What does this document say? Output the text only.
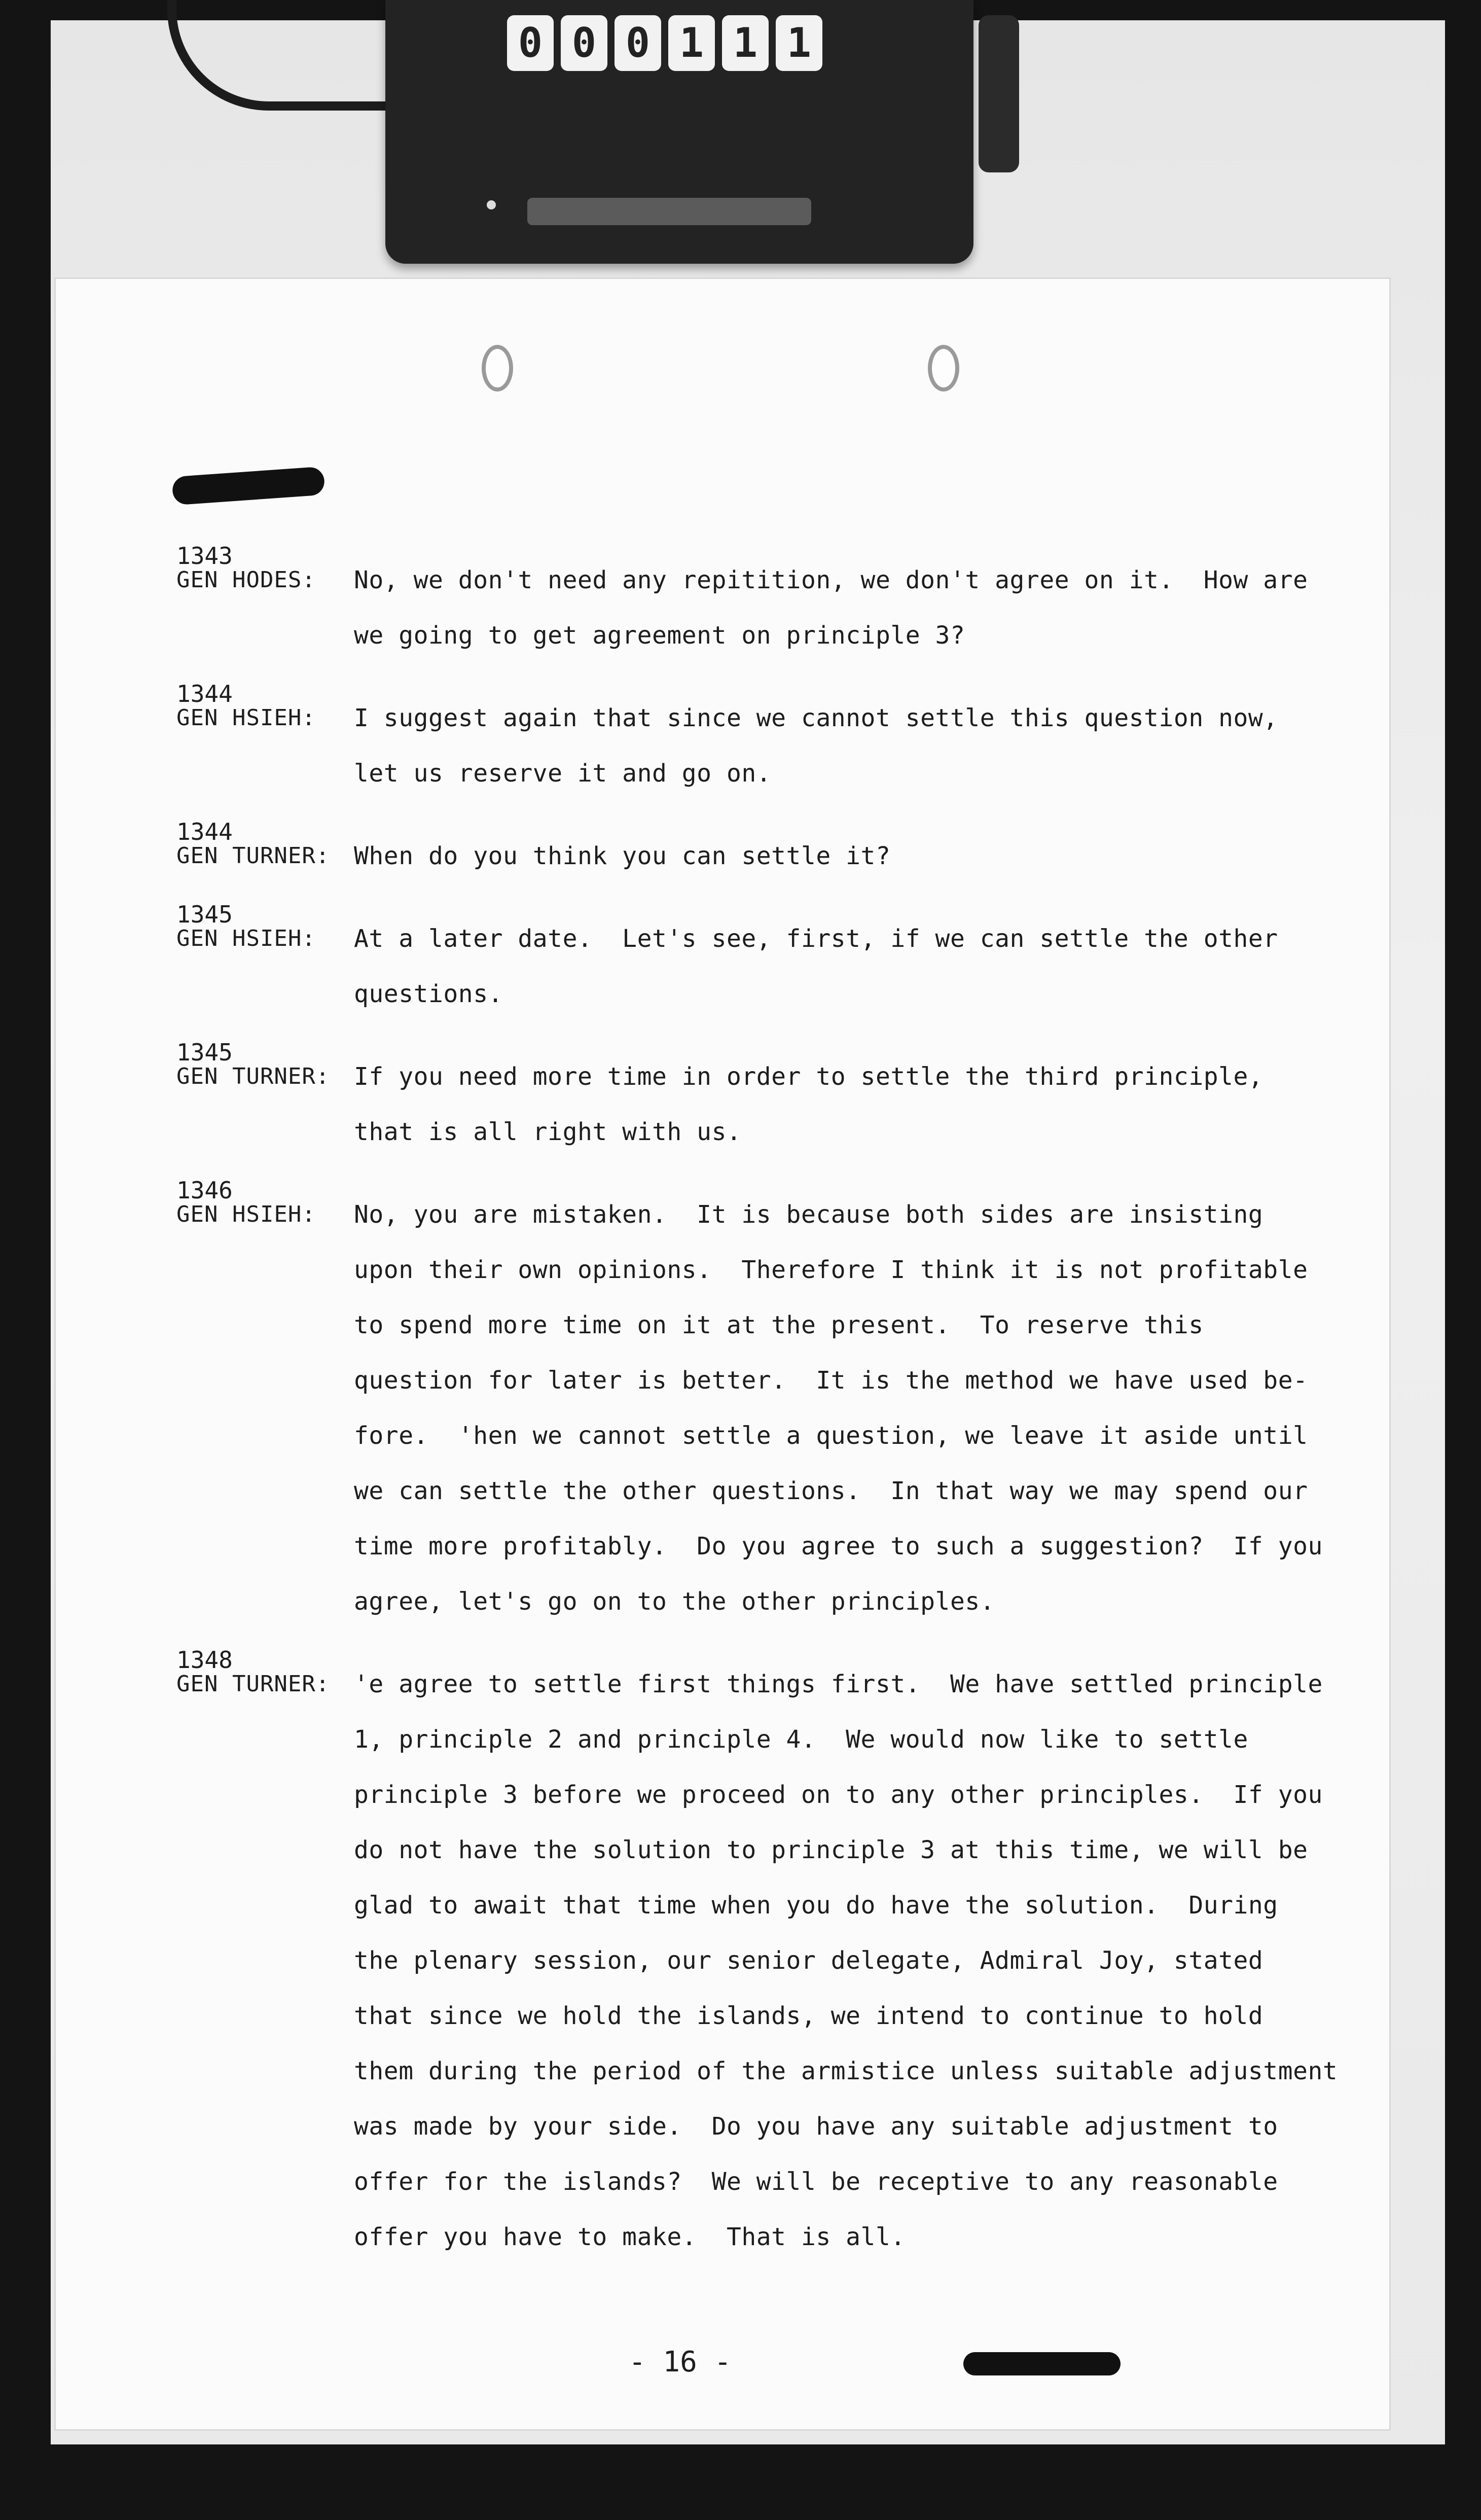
0 0 0 1 1 1
1343
GEN HODES:	No, we don't need any repitition, we don't agree on it.  How are
we going to get agreement on principle 3?
1344
GEN HSIEH:	I suggest again that since we cannot settle this question now,
let us reserve it and go on.
1344
GEN TURNER: When do you think you can settle it?
1345
GEN HSIEH:	At a later date.  Let's see, first, if we can settle the other
questions.
1345
GEN TURNER: If you need more time in order to settle the third principle,
that is all right with us.
1346
GEN HSIEH:	No, you are mistaken.  It is because both sides are insisting
upon their own opinions.  Therefore I think it is not profitable
to spend more time on it at the present.  To reserve this
question for later is better.  It is the method we have used be-
fore.  'hen we cannot settle a question, we leave it aside until
we can settle the other questions.  In that way we may spend our
time more profitably.  Do you agree to such a suggestion?  If you
agree, let's go on to the other principles.
1348
GEN TURNER: 'e agree to settle first things first.  We have settled principle
1, principle 2 and principle 4.  We would now like to settle
principle 3 before we proceed on to any other principles.  If you
do not have the solution to principle 3 at this time, we will be
glad to await that time when you do have the solution.  During
the plenary session, our senior delegate, Admiral Joy, stated
that since we hold the islands, we intend to continue to hold
them during the period of the armistice unless suitable adjustment
was made by your side.  Do you have any suitable adjustment to
offer for the islands?  We will be receptive to any reasonable
offer you have to make.  That is all.
- 16 -
